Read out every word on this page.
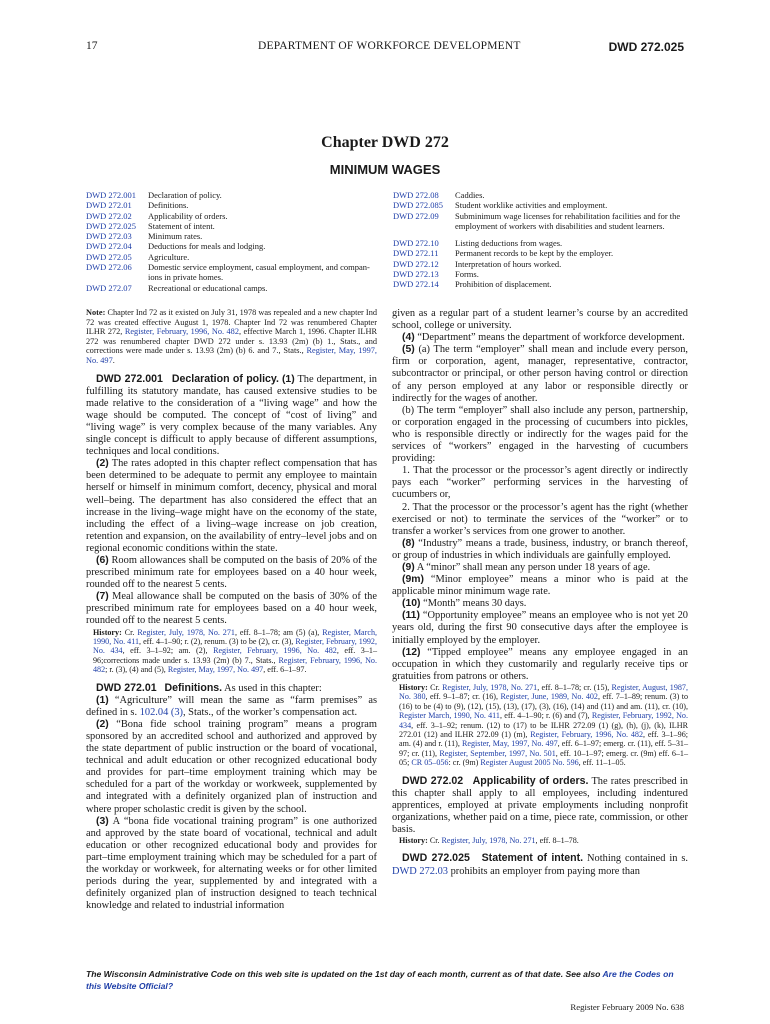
17	DEPARTMENT OF WORKFORCE DEVELOPMENT	DWD 272.025
Chapter DWD 272
MINIMUM WAGES
DWD 272.001	Declaration of policy.
DWD 272.01	Definitions.
DWD 272.02	Applicability of orders.
DWD 272.025	Statement of intent.
DWD 272.03	Minimum rates.
DWD 272.04	Deductions for meals and lodging.
DWD 272.05	Agriculture.
DWD 272.06	Domestic service employment, casual employment, and compan- ions in private homes.
DWD 272.07	Recreational or educational camps.
DWD 272.08	Caddies.
DWD 272.085	Student worklike activities and employment.
DWD 272.09	Subminimum wage licenses for rehabilitation facilities and for the employment of workers with disabilities and student learners.
DWD 272.10	Listing deductions from wages.
DWD 272.11	Permanent records to be kept by the employer.
DWD 272.12	Interpretation of hours worked.
DWD 272.13	Forms.
DWD 272.14	Prohibition of displacement.

Note: Chapter Ind 72 as it existed on July 31, 1978 was repealed and a new chapter Ind 72 was created effective August 1, 1978. Chapter Ind 72 was renumbered Chapter ILHR 272, Register, February, 1996, No. 482, effective March 1, 1996. Chapter ILHR 272 was renumbered chapter DWD 272 under s. 13.93 (2m) (b) 1., Stats., and corrections were made under s. 13.93 (2m) (b) 6. and 7., Stats., Register, May, 1997, No. 497.

DWD 272.001 Declaration of policy. (1) The department, in fulfilling its statutory mandate, has caused extensive studies to be made relative to the consideration of a “living wage” and how the wage should be computed. The concept of “cost of living” and “living wage” is very complex because of the many variables. Any single concept is difficult to apply because of different assumptions, techniques and local conditions.

(2) The rates adopted in this chapter reflect compensation that has been determined to be adequate to permit any employee to maintain herself or himself in minimum comfort, decency, physical and moral well–being. The department has also considered the effect that an increase in the living–wage might have on the economy of the state, including the effect of a living–wage increase on job creation, retention and expansion, on the availability of entry–level jobs and on regional economic conditions within the state.

(6) Room allowances shall be computed on the basis of 20% of the prescribed minimum rate for employees based on a 40 hour week, rounded off to the nearest 5 cents.

(7) Meal allowance shall be computed on the basis of 30% of the prescribed minimum rate for employees based on a 40 hour week, rounded off to the nearest 5 cents.

History: Cr. Register, July, 1978, No. 271, eff. 8–1–78; am (5) (a), Register, March, 1990, No. 411, eff. 4–1–90; r. (2), renum. (3) to be (2), cr. (3), Register, February, 1992, No. 434, eff. 3–1–92; am. (2), Register, February, 1996, No. 482, eff. 3–1–96;corrections made under s. 13.93 (2m) (b) 7., Stats., Register, February, 1996, No. 482; r. (3), (4) and (5), Register, May, 1997, No. 497, eff. 6–1–97.

DWD 272.01 Definitions. As used in this chapter:

(1) “Agriculture” will mean the same as “farm premises” as defined in s. 102.04 (3), Stats., of the worker’s compensation act.

(2) “Bona fide school training program” means a program sponsored by an accredited school and authorized and approved by the state department of public instruction or the board of vocational, technical and adult education or other recognized educational body and provides for part–time employment training which may be scheduled for a part of the workday or workweek, supplemented by and integrated with a definitely organized plan of instruction and where proper scholastic credit is given by the school.

(3) A “bona fide vocational training program” is one authorized and approved by the state board of vocational, technical and adult education or other recognized educational body and provides for part–time employment training which may be scheduled for a part of the workday or workweek, for alternating weeks or for other limited periods during the year, supplemented by and integrated with a definitely organized plan of instruction designed to teach technical knowledge and related to industrial information

given as a regular part of a student learner’s course by an accredited school, college or university.

(4) “Department” means the department of workforce development.

(5) (a) The term “employer” shall mean and include every person, firm or corporation, agent, manager, representative, contractor, subcontractor or principal, or other person having control or direction of any person employed at any labor or responsible directly or indirectly for the wages of another.

(b) The term “employer” shall also include any person, partnership, or corporation engaged in the processing of cucumbers into pickles, who is responsible directly or indirectly for the wages paid for the services of “workers” engaged in the harvesting of cucumbers providing:

1. That the processor or the processor’s agent directly or indirectly pays each “worker” performing services in the harvesting of cucumbers or,

2. That the processor or the processor’s agent has the right (whether exercised or not) to terminate the services of the “worker” or to transfer a worker’s services from one grower to another.

(8) “Industry” means a trade, business, industry, or branch thereof, or group of industries in which individuals are gainfully employed.

(9) A “minor” shall mean any person under 18 years of age.

(9m) “Minor employee” means a minor who is paid at the applicable minor minimum wage rate.

(10) “Month” means 30 days.

(11) “Opportunity employee” means an employee who is not yet 20 years old, during the first 90 consecutive days after the employee is initially employed by the employer.

(12) “Tipped employee” means any employee engaged in an occupation in which they customarily and regularly receive tips or gratuities from patrons or others.

History: Cr. Register, July, 1978, No. 271, eff. 8–1–78; cr. (15), Register, August, 1987, No. 380, eff. 9–1–87; cr. (16), Register, June, 1989, No. 402, eff. 7–1–89; renum. (3) to (16) to be (4) to (9), (12), (15), (13), (17), (3), (16), (14) and (11) and am. (11), cr. (10), Register March, 1990, No. 411, eff. 4–1–90; r. (6) and (7), Register, February, 1992, No. 434, eff. 3–1–92; renum. (12) to (17) to be ILHR 272.09 (1) (g), (h), (j), (k), ILHR 272.01 (12) and ILHR 272.09 (1) (m), Register, February, 1996, No. 482, eff. 3–1–96; am. (4) and r. (11), Register, May, 1997, No. 497, eff. 6–1–97; emerg. cr. (11), eff. 5–31–97; cr. (11), Register, September, 1997, No. 501, eff. 10–1–97; emerg. cr. (9m) eff. 6–1–05; CR 05–056: cr. (9m) Register August 2005 No. 596, eff. 11–1–05.

DWD 272.02 Applicability of orders. The rates prescribed in this chapter shall apply to all employees, including indentured apprentices, employed at private employments including nonprofit organizations, whether paid on a time, piece rate, commission, or other basis.

History: Cr. Register, July, 1978, No. 271, eff. 8–1–78.

DWD 272.025 Statement of intent. Nothing contained in s. DWD 272.03 prohibits an employer from paying more than

The Wisconsin Administrative Code on this web site is updated on the 1st day of each month, current as of that date. See also Are the Codes on this Website Official?
Register February 2009 No. 638
